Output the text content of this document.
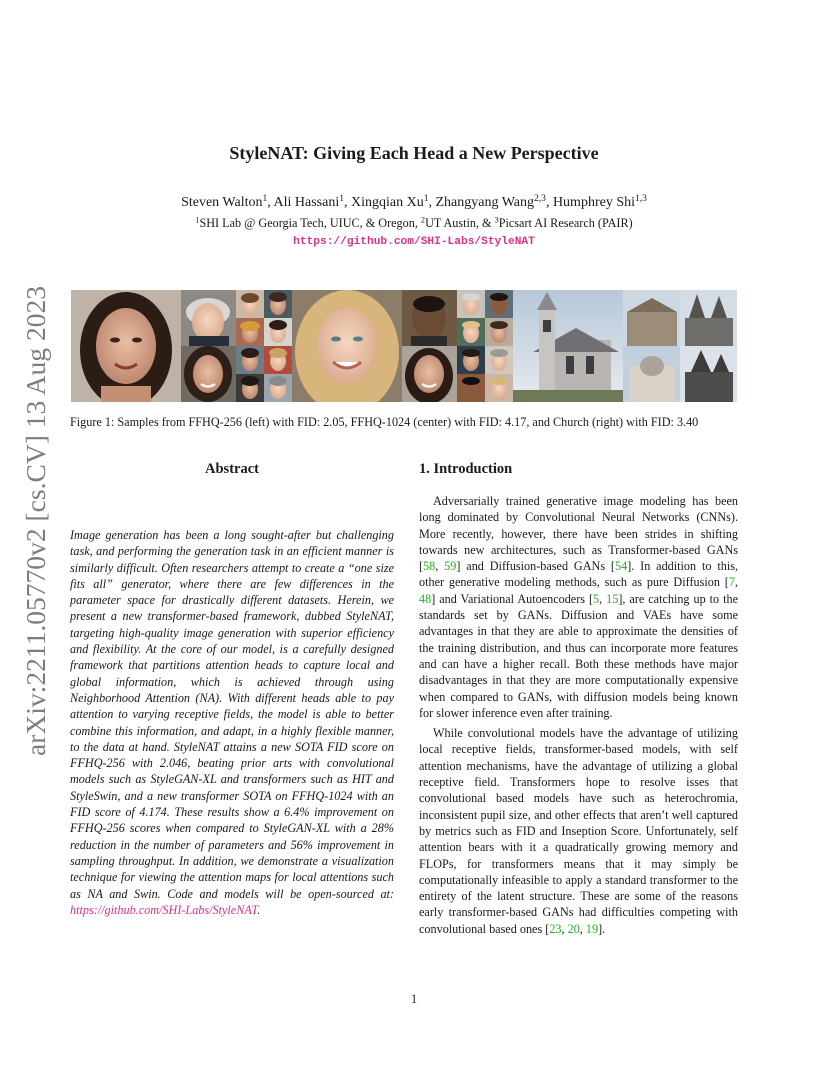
arXiv:2211.05770v2 [cs.CV] 13 Aug 2023
StyleNAT: Giving Each Head a New Perspective
Steven Walton$^1$, Ali Hassani$^1$, Xingqian Xu$^1$, Zhangyang Wang$^{2,3}$, Humphrey Shi$^{1,3}$
$^1$SHI Lab @ Georgia Tech, UIUC, & Oregon, $^2$UT Austin, & $^3$Picsart AI Research (PAIR)
https://github.com/SHI-Labs/StyleNAT
Figure 1: Samples from FFHQ-256 (left) with FID: 2.05, FFHQ-1024 (center) with FID: 4.17, and Church (right) with FID: 3.40
Abstract
Image generation has been a long sought-after but challenging task, and performing the generation task in an efficient manner is similarly difficult. Often researchers attempt to create a “one size fits all” generator, where there are few differences in the parameter space for drastically different datasets. Herein, we present a new transformer-based framework, dubbed StyleNAT, targeting high-quality image generation with superior efficiency and flexibility. At the core of our model, is a carefully designed framework that partitions attention heads to capture local and global information, which is achieved through using Neighborhood Attention (NA). With different heads able to pay attention to varying receptive fields, the model is able to better combine this information, and adapt, in a highly flexible manner, to the data at hand. StyleNAT attains a new SOTA FID score on FFHQ-256 with 2.046, beating prior arts with convolutional models such as StyleGAN-XL and transformers such as HIT and StyleSwin, and a new transformer SOTA on FFHQ-1024 with an FID score of 4.174. These results show a 6.4% improvement on FFHQ-256 scores when compared to StyleGAN-XL with a 28% reduction in the number of parameters and 56% improvement in sampling throughput. In addition, we demonstrate a visualization technique for viewing the attention maps for local attentions such as NA and Swin. Code and models will be open-sourced at: https://github.com/SHI-Labs/StyleNAT.
1. Introduction

Adversarially trained generative image modeling has been long dominated by Convolutional Neural Networks (CNNs). More recently, however, there have been strides in shifting towards new architectures, such as Transformer-based GANs [58, 59] and Diffusion-based GANs [54]. In addition to this, other generative modeling methods, such as pure Diffusion [7, 48] and Variational Autoencoders [5, 15], are catching up to the standards set by GANs. Diffusion and VAEs have some advantages in that they are able to approximate the densities of the training distribution, and thus can incorporate more features and can have a higher recall. Both these methods have major disadvantages in that they are more computationally expensive when compared to GANs, with diffusion models being known for slower inference even after training.

While convolutional models have the advantage of utilizing local receptive fields, transformer-based models, with self attention mechanisms, have the advantage of utilizing a global receptive field. Transformers hope to resolve isses that convolutional based models have such as heterochromia, inconsistent pupil size, and other effects that aren’t well captured by metrics such as FID and Inseption Score. Unfortunately, self attention bears with it a quadratically growing memory and FLOPs, for transformers means that it may simply be computationally infeasible to apply a standard transformer to the entirety of the latent structure. These are some of the reasons early transformer-based GANs had difficulties competing with convolutional based ones [23, 20, 19].

1
